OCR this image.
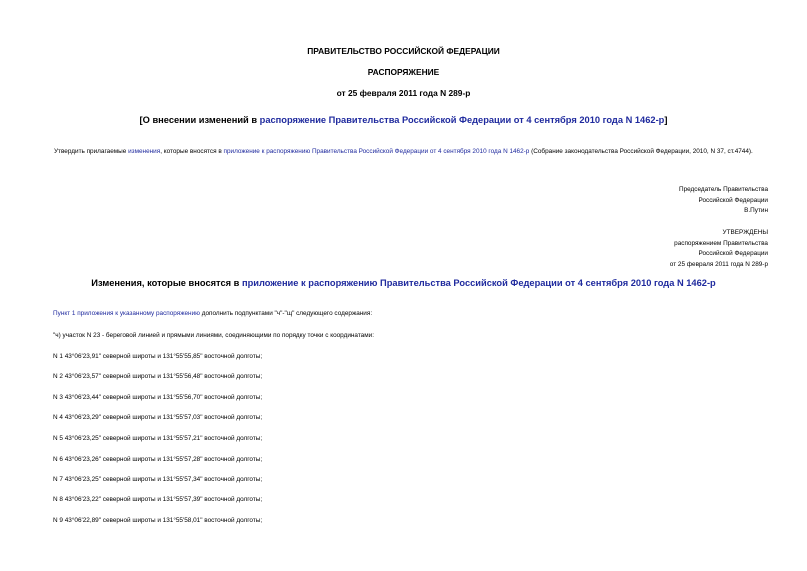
ПРАВИТЕЛЬСТВО РОССИЙСКОЙ ФЕДЕРАЦИИ
РАСПОРЯЖЕНИЕ
от 25 февраля 2011 года N 289-р
[О внесении изменений в распоряжение Правительства Российской Федерации от 4 сентября 2010 года N 1462-р]
Утвердить прилагаемые изменения, которые вносятся в приложение к распоряжению Правительства Российской Федерации от 4 сентября 2010 года N 1462-р (Собрание законодательства Российской Федерации, 2010, N 37, ст.4744).
Председатель Правительства
Российской Федерации
В.Путин
УТВЕРЖДЕНЫ
распоряжением Правительства
Российской Федерации
от 25 февраля 2011 года N 289-р
Изменения, которые вносятся в приложение к распоряжению Правительства Российской Федерации от 4 сентября 2010 года N 1462-р
Пункт 1 приложения к указанному распоряжению дополнить подпунктами "ч"-"щ" следующего содержания:
"ч) участок N 23 - береговой линией и прямыми линиями, соединяющими по порядку точки с координатами:
N 1 43°06'23,91" северной широты и 131°55'55,85" восточной долготы;
N 2 43°06'23,57" северной широты и 131°55'56,48" восточной долготы;
N 3 43°06'23,44" северной широты и 131°55'56,70" восточной долготы;
N 4 43°06'23,29" северной широты и 131°55'57,03" восточной долготы;
N 5 43°06'23,25" северной широты и 131°55'57,21" восточной долготы;
N 6 43°06'23,26" северной широты и 131°55'57,28" восточной долготы;
N 7 43°06'23,25" северной широты и 131°55'57,34" восточной долготы;
N 8 43°06'23,22" северной широты и 131°55'57,39" восточной долготы;
N 9 43°06'22,89" северной широты и 131°55'58,01" восточной долготы;
